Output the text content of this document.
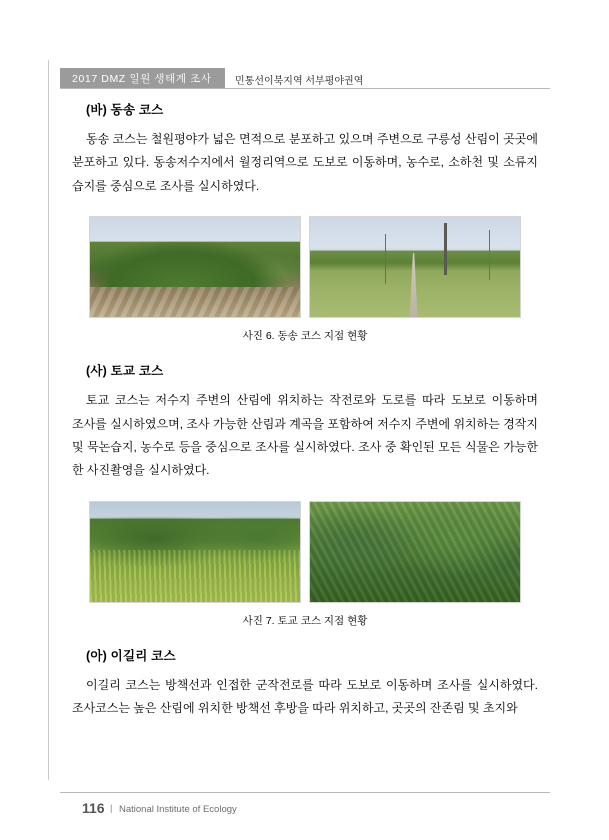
2017 DMZ 일원 생태계 조사 민통선이북지역 서부평야권역
(바) 동송 코스

동송 코스는 철원평야가 넓은 면적으로 분포하고 있으며 주변으로 구릉성 산림이 곳곳에 분포하고 있다. 동송저수지에서 월정리역으로 도보로 이동하며, 농수로, 소하천 및 소류지 습지를 중심으로 조사를 실시하였다.

사진 6. 동송 코스 지점 현황
(사) 토교 코스

토교 코스는 저수지 주변의 산림에 위치하는 작전로와 도로를 따라 도보로 이동하며 조사를 실시하였으며, 조사 가능한 산림과 계곡을 포함하여 저수지 주변에 위치하는 경작지 및 묵논습지, 농수로 등을 중심으로 조사를 실시하였다. 조사 중 확인된 모든 식물은 가능한 한 사진촬영을 실시하였다.

사진 7. 토교 코스 지점 현황
(아) 이길리 코스

이길리 코스는 방책선과 인접한 군작전로를 따라 도보로 이동하며 조사를 실시하였다. 조사코스는 높은 산림에 위치한 방책선 후방을 따라 위치하고, 곳곳의 잔존림 및 초지와

116 | National Institute of Ecology
